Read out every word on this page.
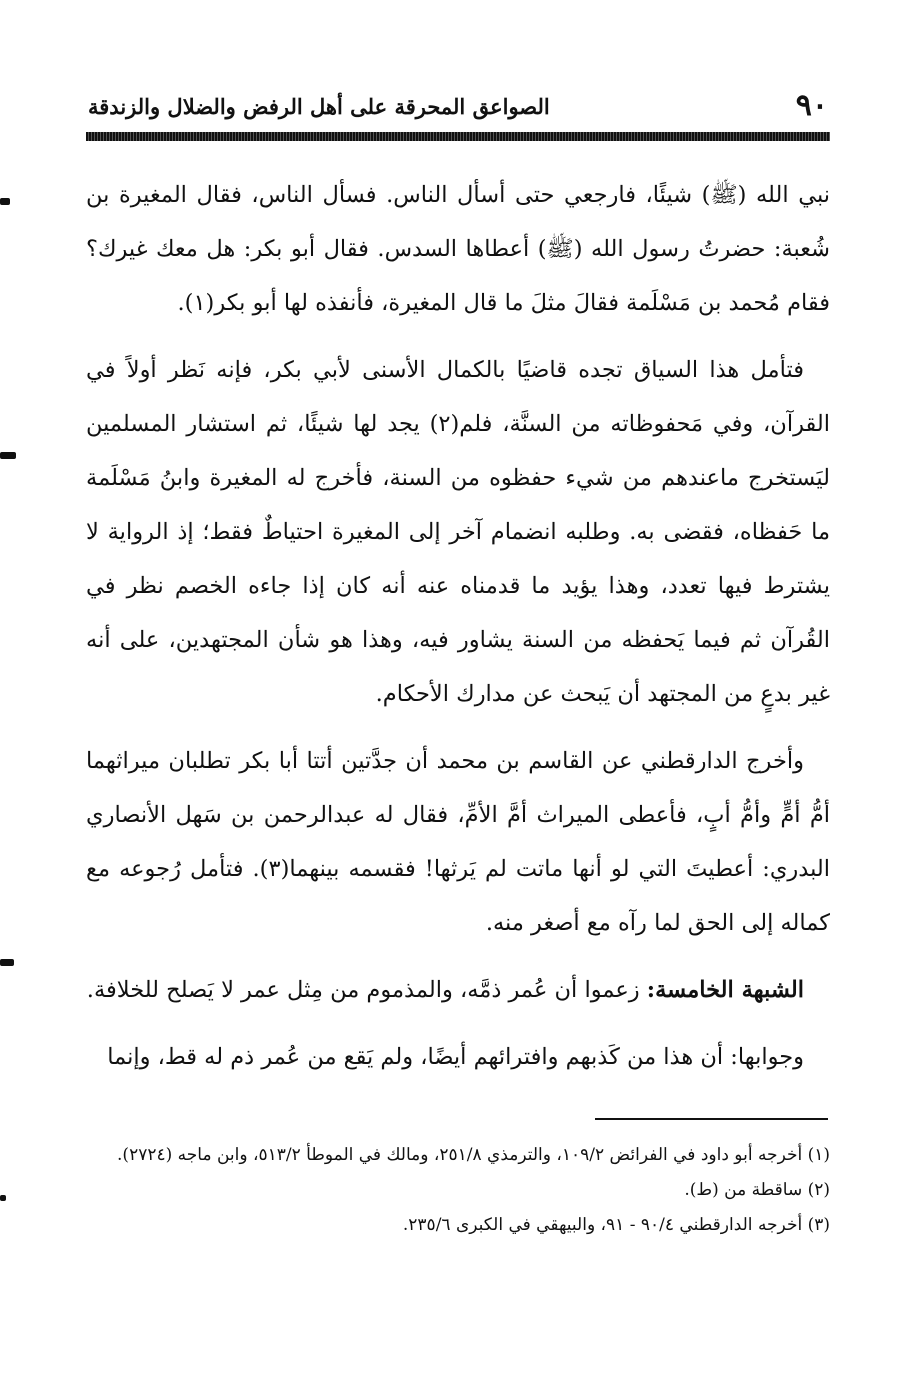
٩٠
الصواعق المحرقة على أهل الرفض والضلال والزندقة

نبي الله (ﷺ) شيئًا، فارجعي حتى أسأل الناس. فسأل الناس، فقال المغيرة بن شُعبة: حضرتُ رسول الله (ﷺ) أعطاها السدس. فقال أبو بكر: هل معك غيرك؟ فقام مُحمد بن مَسْلَمة فقالَ مثلَ ما قال المغيرة، فأنفذه لها أبو بكر(١).

فتأمل هذا السياق تجده قاضيًا بالكمال الأسنى لأبي بكر، فإنه نَظر أولاً في القرآن، وفي مَحفوظاته من السنَّة، فلم(٢) يجد لها شيئًا، ثم استشار المسلمين ليَستخرج ماعندهم من شيء حفظوه من السنة، فأخرج له المغيرة وابنُ مَسْلَمة ما حَفظاه، فقضى به. وطلبه انضمام آخر إلى المغيرة احتياطٌ فقط؛ إذ الرواية لا يشترط فيها تعدد، وهذا يؤيد ما قدمناه عنه أنه كان إذا جاءه الخصم نظر في القُرآن ثم فيما يَحفظه من السنة يشاور فيه، وهذا هو شأن المجتهدين، على أنه غير بدعٍ من المجتهد أن يَبحث عن مدارك الأحكام.

وأخرج الدارقطني عن القاسم بن محمد أن جدَّتين أتتا أبا بكر تطلبان ميراثهما أمُّ أمٍّ وأمُّ أبٍ، فأعطى الميراث أمَّ الأمِّ، فقال له عبدالرحمن بن سَهل الأنصاري البدري: أعطيتَ التي لو أنها ماتت لم يَرثها! فقسمه بينهما(٣). فتأمل رُجوعه مع كماله إلى الحق لما رآه مع أصغر منه.

الشبهة الخامسة: زعموا أن عُمر ذمَّه، والمذموم من مِثل عمر لا يَصلح للخلافة.

وجوابها: أن هذا من كَذبهم وافترائهم أيضًا، ولم يَقع من عُمر ذم له قط، وإنما

(١) أخرجه أبو داود في الفرائض ١٠٩/٢، والترمذي ٢٥١/٨، ومالك في الموطأ ٥١٣/٢، وابن ماجه (٢٧٢٤).

(٢) ساقطة من (ط).

(٣) أخرجه الدارقطني ٩٠/٤ - ٩١، والبيهقي في الكبرى ٢٣٥/٦.
